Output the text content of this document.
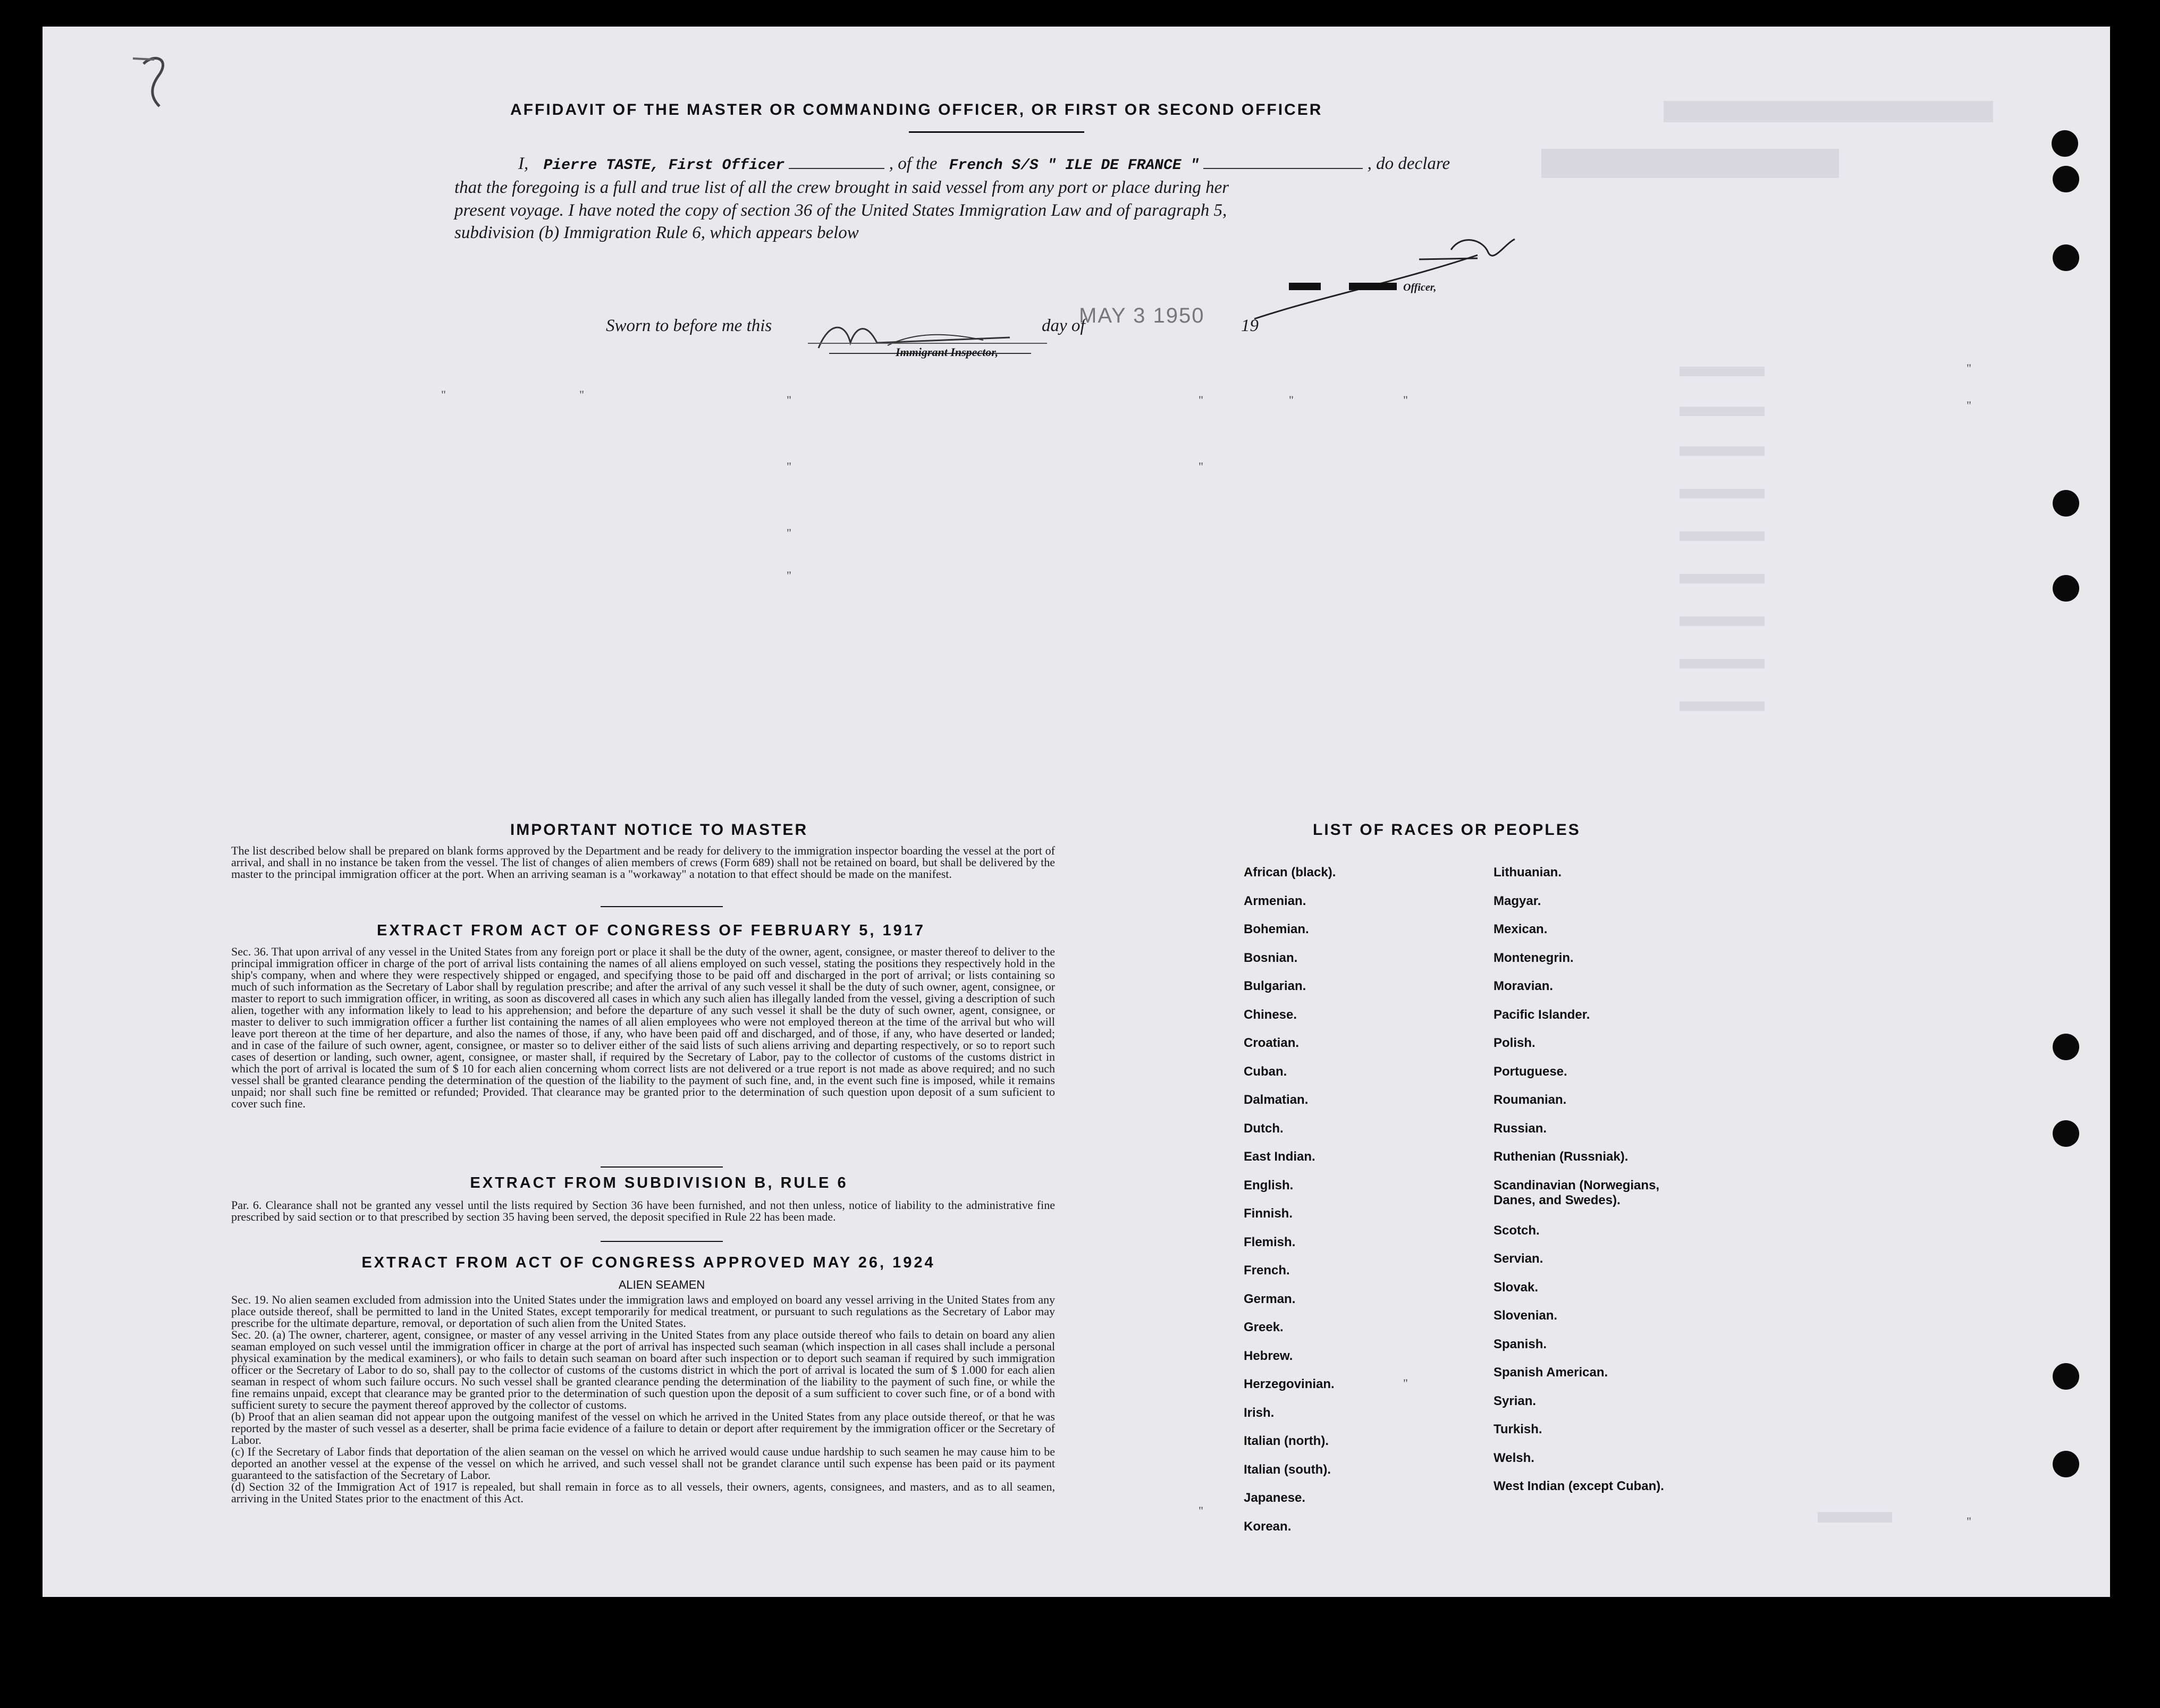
AFFIDAVIT OF THE MASTER OR COMMANDING OFFICER, OR FIRST OR SECOND OFFICER
I, Pierre TASTE, First Officer	, of the French S/S " ILE DE FRANCE "	, do declare
that the foregoing is a full and true list of all the crew brought in said vessel from any port or place during her
present voyage. I have noted the copy of section 36 of the United States Immigration Law and of paragraph 5,
subdivision (b) Immigration Rule 6, which appears below
Officer,
Sworn to before me this	day of
MAY 3 1950 19
Immigrant Inspector,
"	"	"	"	"	"
"
"
"	"
"
"
"
"
"
IMPORTANT NOTICE TO MASTER
The list described below shall be prepared on blank forms approved by the Department and be ready for delivery to the immigration inspector boarding the vessel at the port of arrival, and shall in no instance be taken from the vessel. The list of changes of alien members of crews (Form 689) shall not be retained on board, but shall be delivered by the master to the principal immigration officer at the port. When an arriving seaman is a "workaway" a notation to that effect should be made on the manifest.
EXTRACT FROM ACT OF CONGRESS OF FEBRUARY 5, 1917
Sec. 36. That upon arrival of any vessel in the United States from any foreign port or place it shall be the duty of the owner, agent, consignee, or master thereof to deliver to the principal immigration officer in charge of the port of arrival lists containing the names of all aliens employed on such vessel, stating the positions they respectively hold in the ship's company, when and where they were respectively shipped or engaged, and specifying those to be paid off and discharged in the port of arrival; or lists containing so much of such information as the Secretary of Labor shall by regulation prescribe; and after the arrival of any such vessel it shall be the duty of such owner, agent, consignee, or master to report to such immigration officer, in writing, as soon as discovered all cases in which any such alien has illegally landed from the vessel, giving a description of such alien, together with any information likely to lead to his apprehension; and before the departure of any such vessel it shall be the duty of such owner, agent, consignee, or master to deliver to such immigration officer a further list containing the names of all alien employees who were not employed thereon at the time of the arrival but who will leave port thereon at the time of her departure, and also the names of those, if any, who have been paid off and discharged, and of those, if any, who have deserted or landed; and in case of the failure of such owner, agent, consignee, or master so to deliver either of the said lists of such aliens arriving and departing respectively, or so to report such cases of desertion or landing, such owner, agent, consignee, or master shall, if required by the Secretary of Labor, pay to the collector of customs of the customs district in which the port of arrival is located the sum of $ 10 for each alien concerning whom correct lists are not delivered or a true report is not made as above required; and no such vessel shall be granted clearance pending the determination of the question of the liability to the payment of such fine, and, in the event such fine is imposed, while it remains unpaid; nor shall such fine be remitted or refunded; Provided. That clearance may be granted prior to the determination of such question upon deposit of a sum suficient to cover such fine.
EXTRACT FROM SUBDIVISION B, RULE 6
Par. 6. Clearance shall not be granted any vessel until the lists required by Section 36 have been furnished, and not then unless, notice of liability to the administrative fine prescribed by said section or to that prescribed by section 35 having been served, the deposit specified in Rule 22 has been made.
EXTRACT FROM ACT OF CONGRESS APPROVED MAY 26, 1924
ALIEN SEAMEN
Sec. 19. No alien seamen excluded from admission into the United States under the immigration laws and employed on board any vessel arriving in the United States from any place outside thereof, shall be permitted to land in the United States, except temporarily for medical treatment, or pursuant to such regulations as the Secretary of Labor may prescribe for the ultimate departure, removal, or deportation of such alien from the United States.
Sec. 20. (a) The owner, charterer, agent, consignee, or master of any vessel arriving in the United States from any place outside thereof who fails to detain on board any alien seaman employed on such vessel until the immigration officer in charge at the port of arrival has inspected such seaman (which inspection in all cases shall include a personal physical examination by the medical examiners), or who fails to detain such seaman on board after such inspection or to deport such seaman if required by such immigration officer or the Secretary of Labor to do so, shall pay to the collector of customs of the customs district in which the port of arrival is located the sum of $ 1.000 for each alien seaman in respect of whom such failure occurs. No such vessel shall be granted clearance pending the determination of the liability to the payment of such fine, or while the fine remains unpaid, except that clearance may be granted prior to the determination of such question upon the deposit of a sum sufficient to cover such fine, or of a bond with sufficient surety to secure the payment thereof approved by the collector of customs.
(b) Proof that an alien seaman did not appear upon the outgoing manifest of the vessel on which he arrived in the United States from any place outside thereof, or that he was reported by the master of such vessel as a deserter, shall be prima facie evidence of a failure to detain or deport after requirement by the immigration officer or the Secretary of Labor.
(c) If the Secretary of Labor finds that deportation of the alien seaman on the vessel on which he arrived would cause undue hardship to such seamen he may cause him to be deported an another vessel at the expense of the vessel on which he arrived, and such vessel shall not be grandet clarance until such expense has been paid or its payment guaranteed to the satisfaction of the Secretary of Labor.
(d) Section 32 of the Immigration Act of 1917 is repealed, but shall remain in force as to all vessels, their owners, agents, consignees, and masters, and as to all seamen, arriving in the United States prior to the enactment of this Act.
LIST OF RACES OR PEOPLES
African (black).
Armenian.
Bohemian.
Bosnian.
Bulgarian.
Chinese.
Croatian.
Cuban.
Dalmatian.
Dutch.
East Indian.
English.
Finnish.
Flemish.
French.
German.
Greek.
Hebrew.
Herzegovinian.
Irish.
Italian (north).
Italian (south).
Japanese.
Korean.
Lithuanian.
Magyar.
Mexican.
Montenegrin.
Moravian.
Pacific Islander.
Polish.
Portuguese.
Roumanian.
Russian.
Ruthenian (Russniak).
Scandinavian (Norwegians, Danes, and Swedes).
Scotch.
Servian.
Slovak.
Slovenian.
Spanish.
Spanish American.
Syrian.
Turkish.
Welsh.
West Indian (except Cuban).
